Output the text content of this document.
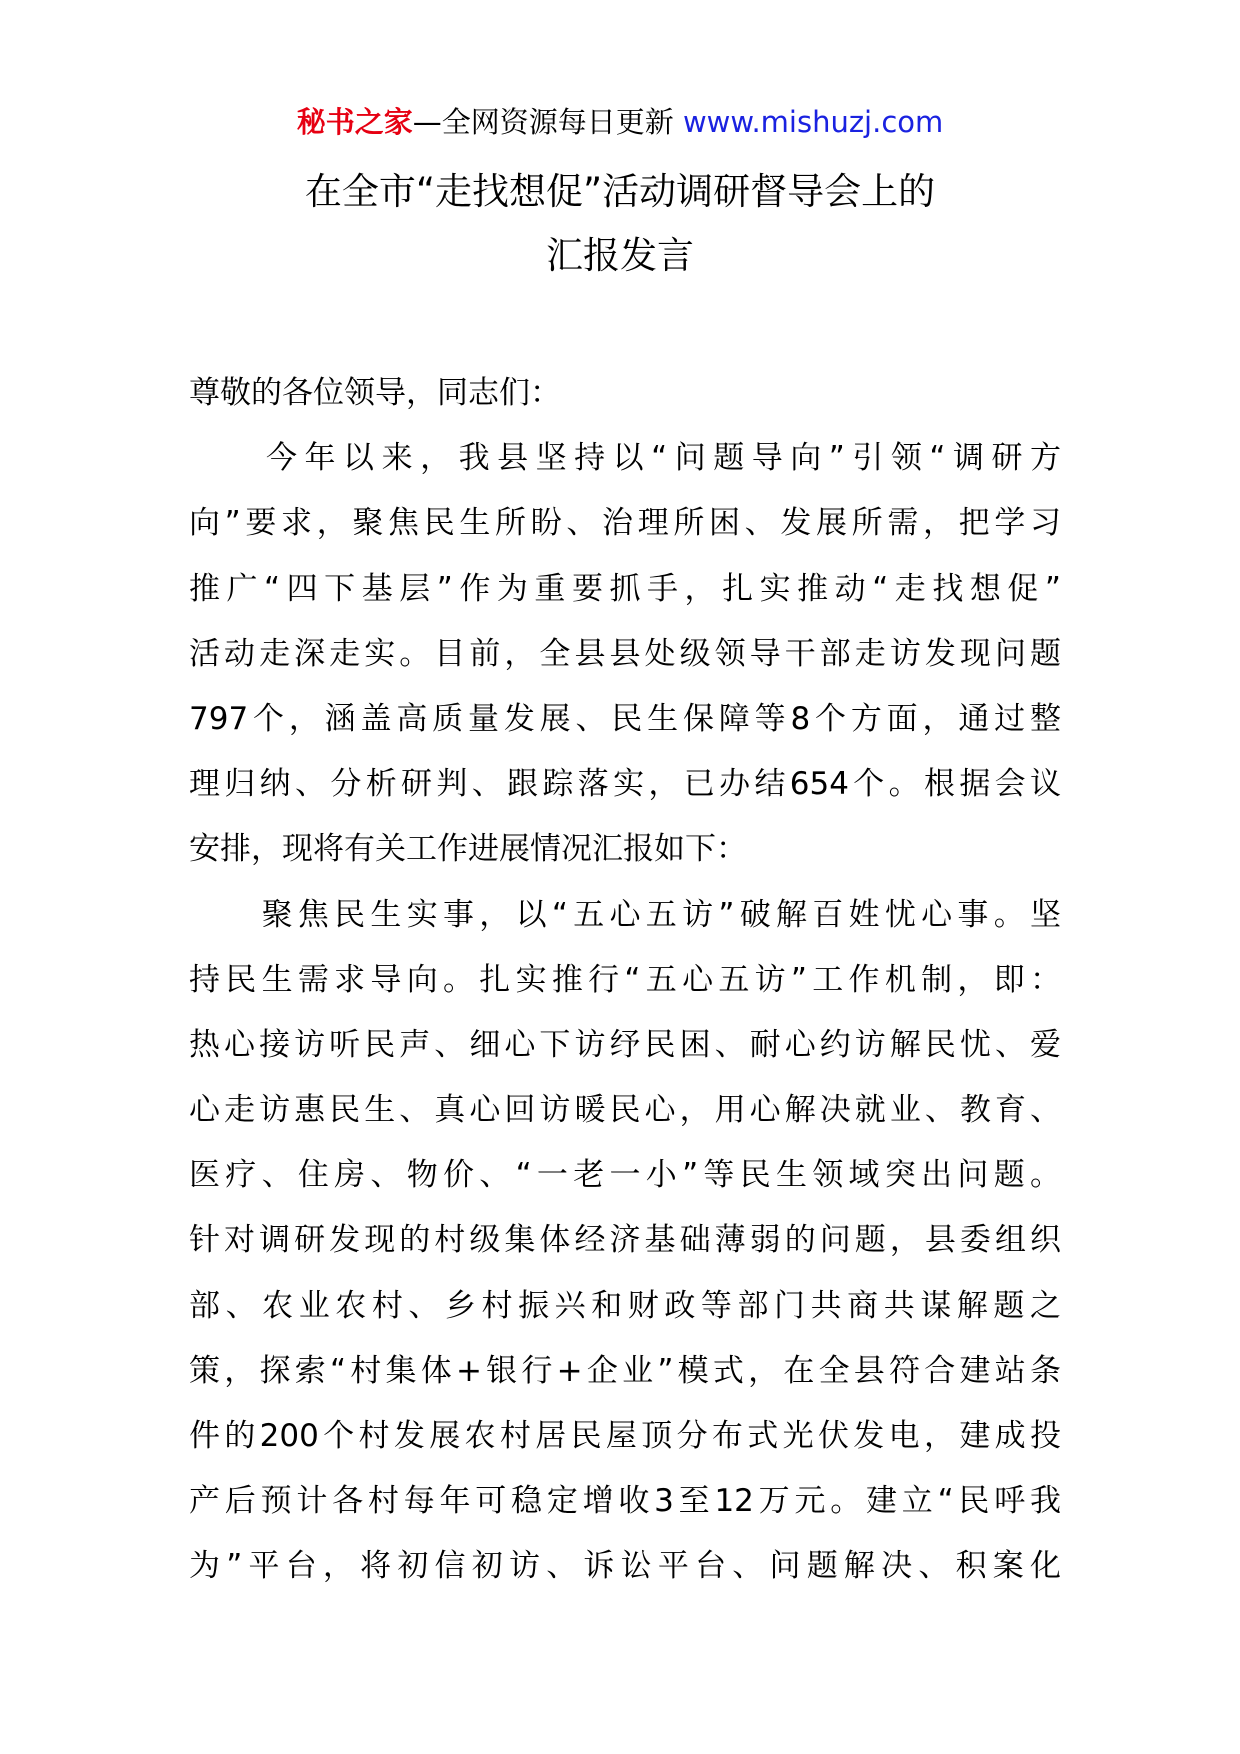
秘书之家—全网资源每日更新 www.mishuzj.com
在全市“走找想促”活动调研督导会上的
汇报发言
尊敬的各位领导，同志们：
　　今年以来，我县坚持以“问题导向”引领“调研方
向”要求，聚焦民生所盼、治理所困、发展所需，把学习
推广“四下基层”作为重要抓手，扎实推动“走找想促”
活动走深走实。目前，全县县处级领导干部走访发现问题
797个，涵盖高质量发展、民生保障等8个方面，通过整
理归纳、分析研判、跟踪落实，已办结654个。根据会议
安排，现将有关工作进展情况汇报如下：
　　聚焦民生实事，以“五心五访”破解百姓忧心事。坚
持民生需求导向。扎实推行“五心五访”工作机制，即：
热心接访听民声、细心下访纾民困、耐心约访解民忧、爱
心走访惠民生、真心回访暖民心，用心解决就业、教育、
医疗、住房、物价、“一老一小”等民生领域突出问题。
针对调研发现的村级集体经济基础薄弱的问题，县委组织
部、农业农村、乡村振兴和财政等部门共商共谋解题之
策，探索“村集体+银行+企业”模式，在全县符合建站条
件的200个村发展农村居民屋顶分布式光伏发电，建成投
产后预计各村每年可稳定增收3至12万元。建立“民呼我
为”平台，将初信初访、诉讼平台、问题解决、积案化
